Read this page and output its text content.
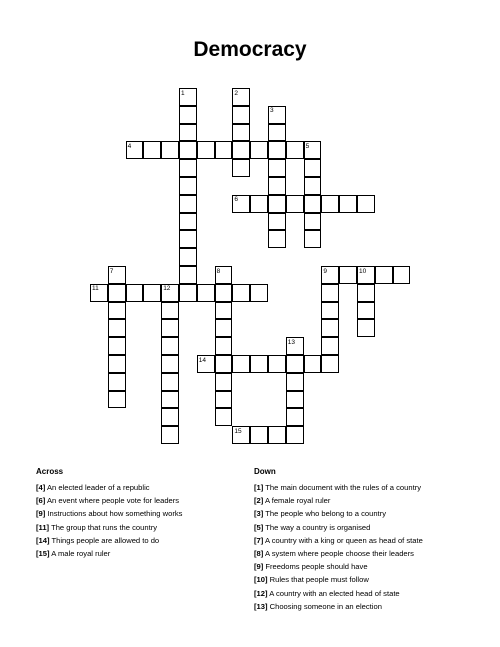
Democracy
1	2
3
4	5
6
7	8	9	10
11	12
13
14
15
Across
[4] An elected leader of a republic
[6] An event where people vote for leaders
[9] Instructions about how something works
[11] The group that runs the country
[14] Things people are allowed to do
[15] A male royal ruler
Down
[1] The main document with the rules of a country
[2] A female royal ruler
[3] The people who belong to a country
[5] The way a country is organised
[7] A country with a king or queen as head of state
[8] A system where people choose their leaders
[9] Freedoms people should have
[10] Rules that people must follow
[12] A country with an elected head of state
[13] Choosing someone in an election
